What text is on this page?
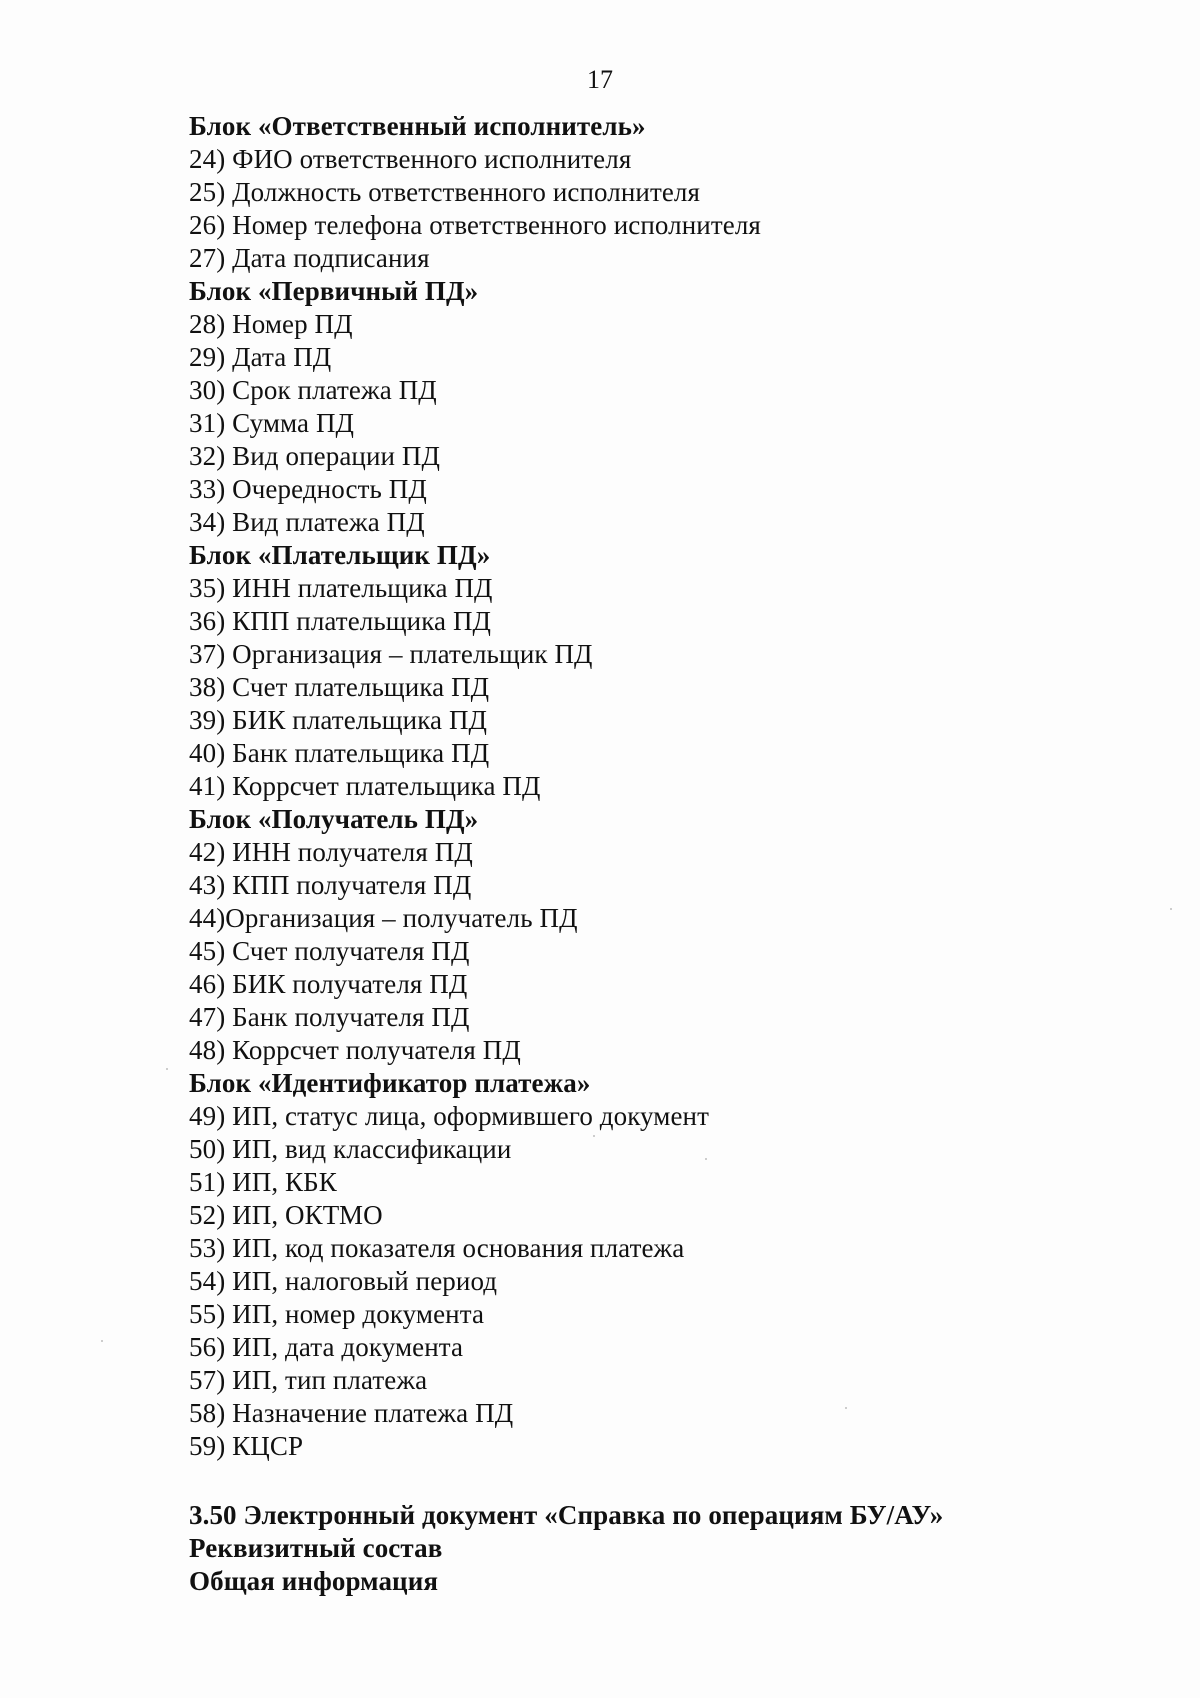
17
Блок «Ответственный исполнитель»
24) ФИО ответственного исполнителя
25) Должность ответственного исполнителя
26) Номер телефона ответственного исполнителя
27) Дата подписания
Блок «Первичный ПД»
28) Номер ПД
29) Дата ПД
30) Срок платежа ПД
31) Сумма ПД
32) Вид операции ПД
33) Очередность ПД
34) Вид платежа ПД
Блок «Плательщик ПД»
35) ИНН плательщика ПД
36) КПП плательщика ПД
37) Организация – плательщик ПД
38) Счет плательщика ПД
39) БИК плательщика ПД
40) Банк плательщика ПД
41) Коррсчет плательщика ПД
Блок «Получатель ПД»
42) ИНН получателя ПД
43) КПП получателя ПД
44)Организация – получатель ПД
45) Счет получателя ПД
46) БИК получателя ПД
47) Банк получателя ПД
48) Коррсчет получателя ПД
Блок «Идентификатор платежа»
49) ИП, статус лица, оформившего документ
50) ИП, вид классификации
51) ИП, КБК
52) ИП, ОКТМО
53) ИП, код показателя основания платежа
54) ИП, налоговый период
55) ИП, номер документа
56) ИП, дата документа
57) ИП, тип платежа
58) Назначение платежа ПД
59) КЦСР
3.50 Электронный документ «Справка по операциям БУ/АУ»
Реквизитный состав
Общая информация
